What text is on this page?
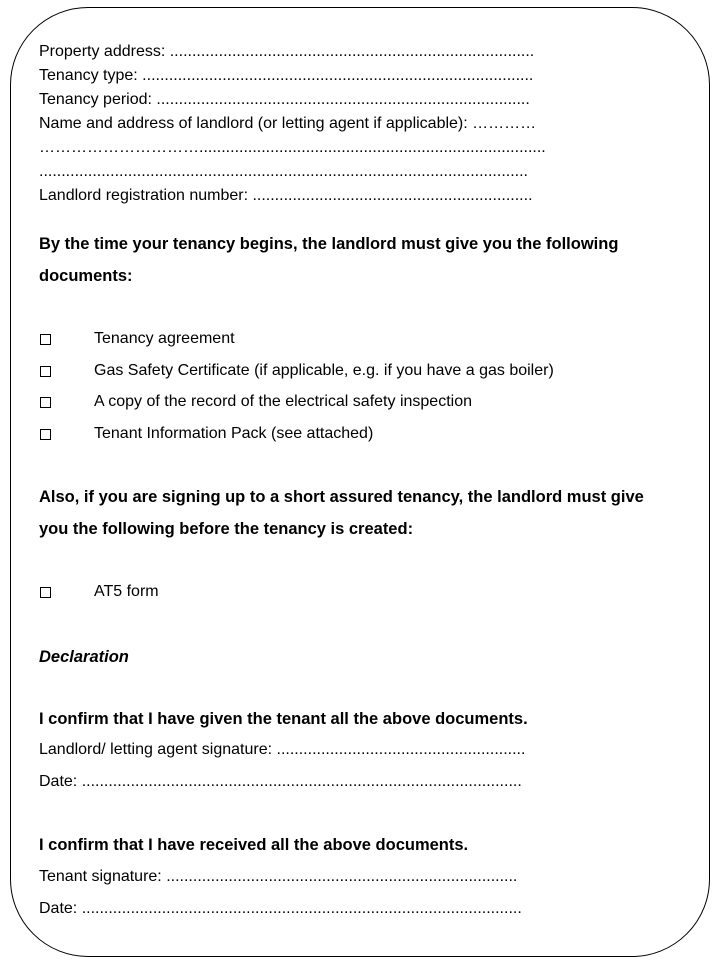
Property address: ..................................................................................
Tenancy type: ........................................................................................
Tenancy period: ....................................................................................
Name and address of landlord (or letting agent if applicable): …………
…………………………..............................................................................
..............................................................................................................
Landlord registration number: ...............................................................
By the time your tenancy begins, the landlord must give you the following
documents:
Tenancy agreement
Gas Safety Certificate (if applicable, e.g. if you have a gas boiler)
A copy of the record of the electrical safety inspection
Tenant Information Pack (see attached)
Also, if you are signing up to a short assured tenancy, the landlord must give
you the following before the tenancy is created:
AT5 form
Declaration
I confirm that I have given the tenant all the above documents.
Landlord/ letting agent signature: ........................................................
Date: ...................................................................................................
I confirm that I have received all the above documents.
Tenant signature: ...............................................................................
Date: ...................................................................................................
